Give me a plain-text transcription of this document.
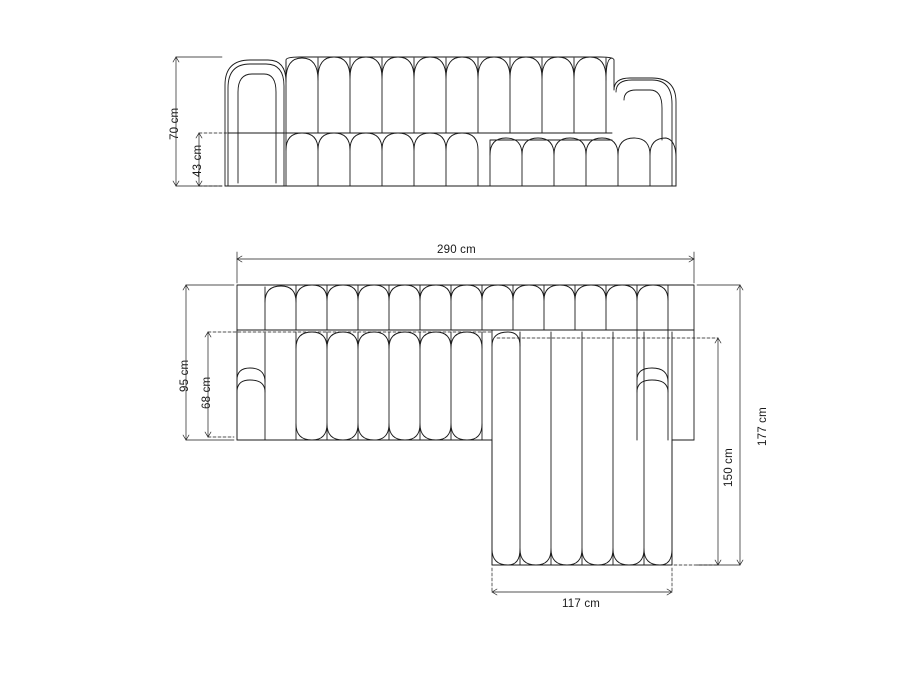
70 cm
43 cm
290 cm
95 cm
68 cm
177 cm
150 cm
117 cm
